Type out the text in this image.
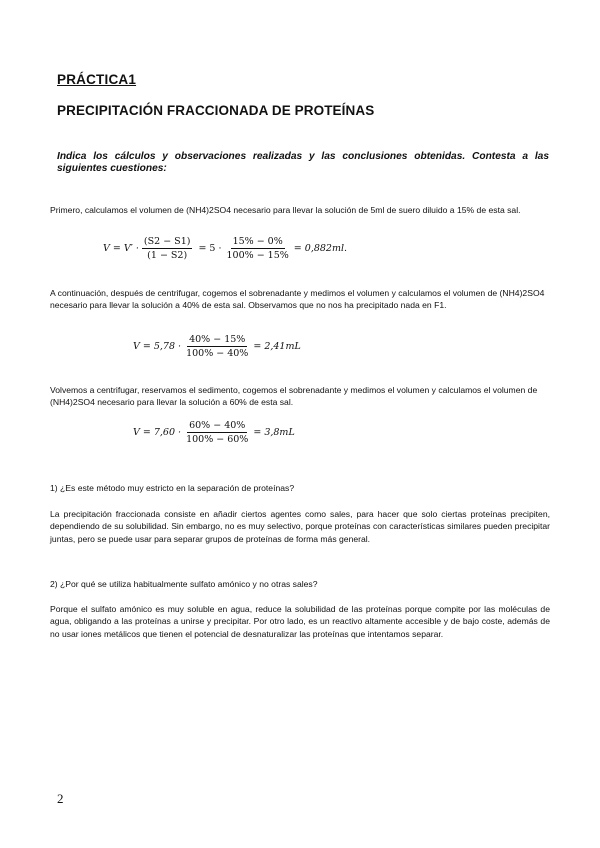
PRÁCTICA1
PRECIPITACIÓN FRACCIONADA DE PROTEÍNAS
Indica los cálculos y observaciones realizadas y las conclusiones obtenidas. Contesta a las siguientes cuestiones:
Primero, calculamos el volumen de (NH4)2SO4 necesario para llevar la solución de 5ml de suero diluido a 15% de esta sal.
$V = V' \cdot \frac{(S2 - S1)}{(1 - S2)} = 5 \cdot \frac{15\% - 0\%}{100\% - 15\%} = 0,882ml$.
A continuación, después de centrifugar, cogemos el sobrenadante y medimos el volumen y calculamos el volumen de (NH4)2SO4 necesario para llevar la solución a 40% de esta sal. Observamos que no nos ha precipitado nada en F1.
$V = 5,78 \cdot \frac{40\% - 15\%}{100\% - 40\%} = 2,41mL$
Volvemos a centrifugar, reservamos el sedimento, cogemos el sobrenadante y medimos el volumen y calculamos el volumen de (NH4)2SO4 necesario para llevar la solución a 60% de esta sal.
$V = 7,60 \cdot \frac{60\% - 40\%}{100\% - 60\%} = 3,8mL$
1) ¿Es este método muy estricto en la separación de proteínas?
La precipitación fraccionada consiste en añadir ciertos agentes como sales, para hacer que solo ciertas proteínas precipiten, dependiendo de su solubilidad. Sin embargo, no es muy selectivo, porque proteínas con características similares pueden precipitar juntas, pero se puede usar para separar grupos de proteínas de forma más general.
2) ¿Por qué se utiliza habitualmente sulfato amónico y no otras sales?
Porque el sulfato amónico es muy soluble en agua, reduce la solubilidad de las proteínas porque compite por las moléculas de agua, obligando a las proteínas a unirse y precipitar. Por otro lado, es un reactivo altamente accesible y de bajo coste, además de no usar iones metálicos que tienen el potencial de desnaturalizar las proteínas que intentamos separar.
2
